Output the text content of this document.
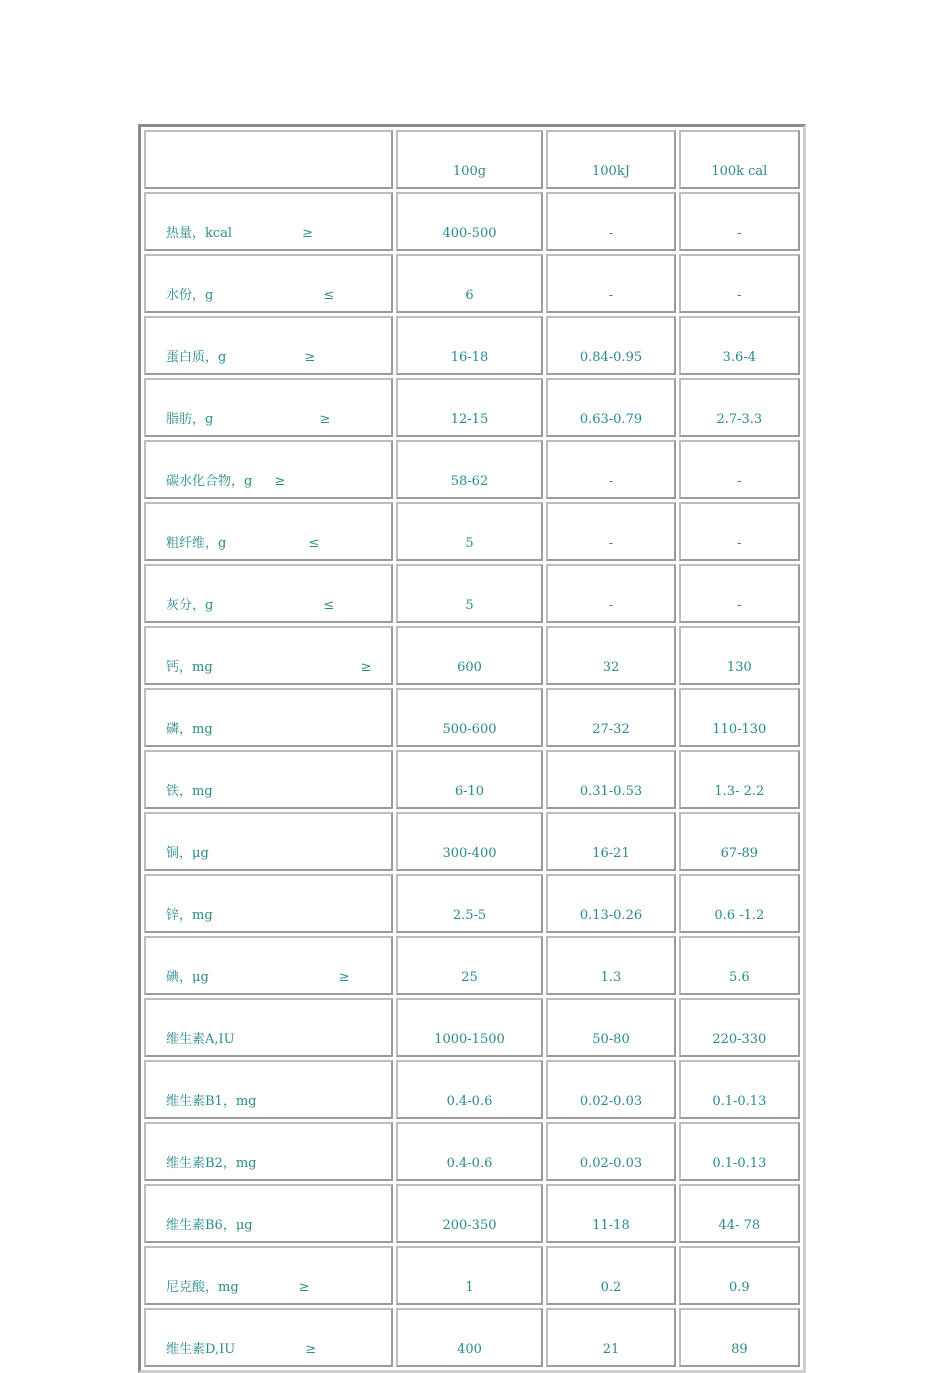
	100g	100kJ	100k cal
热量，kcal ≥	400-500	-	-
水份，g ≤	6	-	-
蛋白质，g ≥	16-18	0.84-0.95	3.6-4
脂肪，g ≥	12-15	0.63-0.79	2.7-3.3
碳水化合物，g ≥	58-62	-	-
粗纤维，g ≤	5	-	-
灰分，g ≤	5	-	-
钙，mg ≥	600	32	130
磷，mg	500-600	27-32	110-130
铁，mg	6-10	0.31-0.53	1.3- 2.2
铜，μg	300-400	16-21	67-89
锌，mg	2.5-5	0.13-0.26	0.6 -1.2
碘，μg ≥	25	1.3	5.6
维生素A,IU	1000-1500	50-80	220-330
维生素B1，mg	0.4-0.6	0.02-0.03	0.1-0.13
维生素B2，mg	0.4-0.6	0.02-0.03	0.1-0.13
维生素B6，μg	200-350	11-18	44- 78
尼克酸，mg ≥	1	0.2	0.9
维生素D,IU ≥	400	21	89
